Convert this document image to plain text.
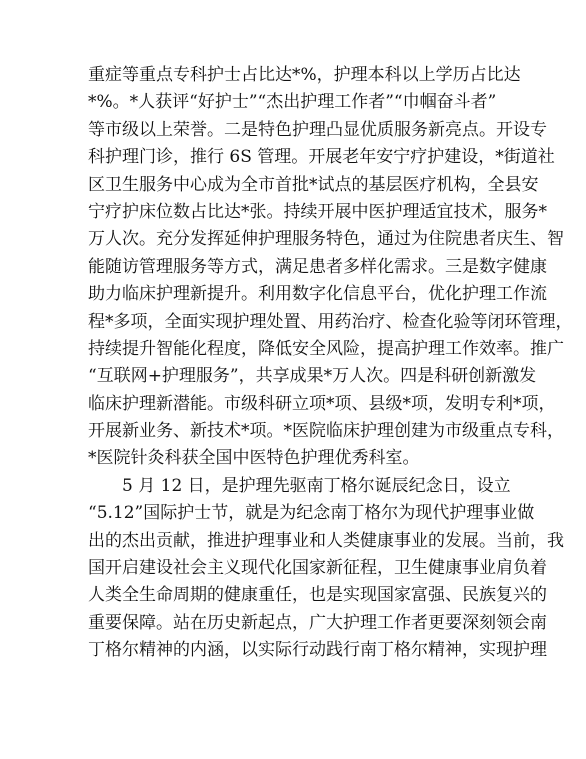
重症等重点专科护士占比达*%，护理本科以上学历占比达
*%。*人获评“好护士”“杰出护理工作者”“巾帼奋斗者”
等市级以上荣誉。二是特色护理凸显优质服务新亮点。开设专
科护理门诊，推行 6S 管理。开展老年安宁疗护建设，*街道社
区卫生服务中心成为全市首批*试点的基层医疗机构，全县安
宁疗护床位数占比达*张。持续开展中医护理适宜技术，服务*
万人次。充分发挥延伸护理服务特色，通过为住院患者庆生、智
能随访管理服务等方式，满足患者多样化需求。三是数字健康
助力临床护理新提升。利用数字化信息平台，优化护理工作流
程*多项，全面实现护理处置、用药治疗、检查化验等闭环管理，
持续提升智能化程度，降低安全风险，提高护理工作效率。推广
“互联网+护理服务”，共享成果*万人次。四是科研创新激发
临床护理新潜能。市级科研立项*项、县级*项，发明专利*项，
开展新业务、新技术*项。*医院临床护理创建为市级重点专科，
*医院针灸科获全国中医特色护理优秀科室。
5 月 12 日，是护理先驱南丁格尔诞辰纪念日，设立
“5.12”国际护士节，就是为纪念南丁格尔为现代护理事业做
出的杰出贡献，推进护理事业和人类健康事业的发展。当前，我
国开启建设社会主义现代化国家新征程，卫生健康事业肩负着
人类全生命周期的健康重任，也是实现国家富强、民族复兴的
重要保障。站在历史新起点，广大护理工作者更要深刻领会南
丁格尔精神的内涵，以实际行动践行南丁格尔精神，实现护理
